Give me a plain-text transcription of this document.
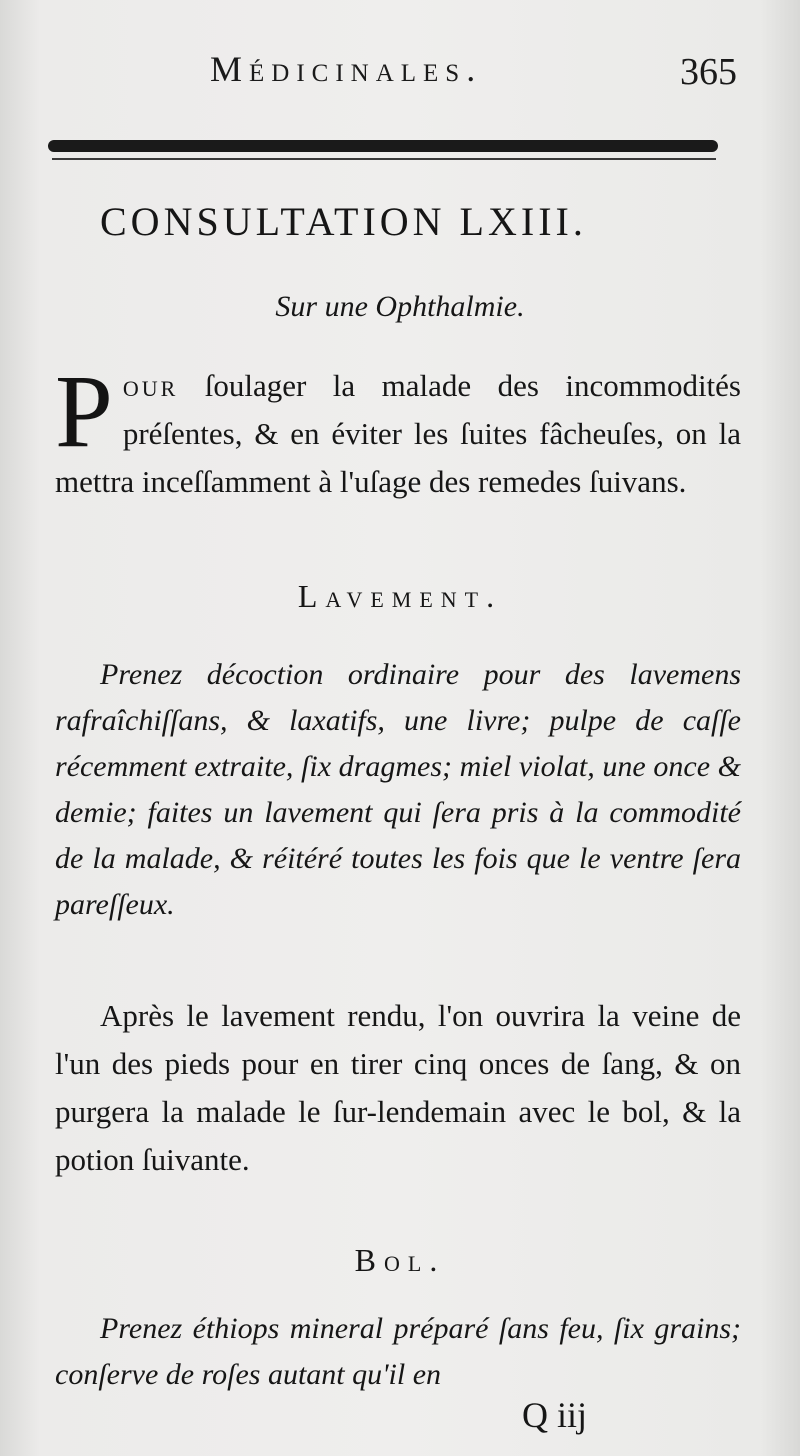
Médicinales.	365
CONSULTATION LXIII.
Sur une Ophthalmie.
Pour ſoulager la malade des incommodités préſentes, & en éviter les ſuites fâcheuſes, on la mettra inceſſamment à l'uſage des remedes ſuivans.
Lavement.
Prenez décoction ordinaire pour des lavemens rafraîchiſſans, & laxatifs, une livre; pulpe de caſſe récemment extraite, ſix dragmes; miel violat, une once & demie; faites un lavement qui ſera pris à la commodité de la malade, & réitéré toutes les fois que le ventre ſera pareſſeux.
Après le lavement rendu, l'on ouvrira la veine de l'un des pieds pour en tirer cinq onces de ſang, & on purgera la malade le ſur-lendemain avec le bol, & la potion ſuivante.
Bol.
Prenez éthiops mineral préparé ſans feu, ſix grains; conſerve de roſes autant qu'il en
Q iij
